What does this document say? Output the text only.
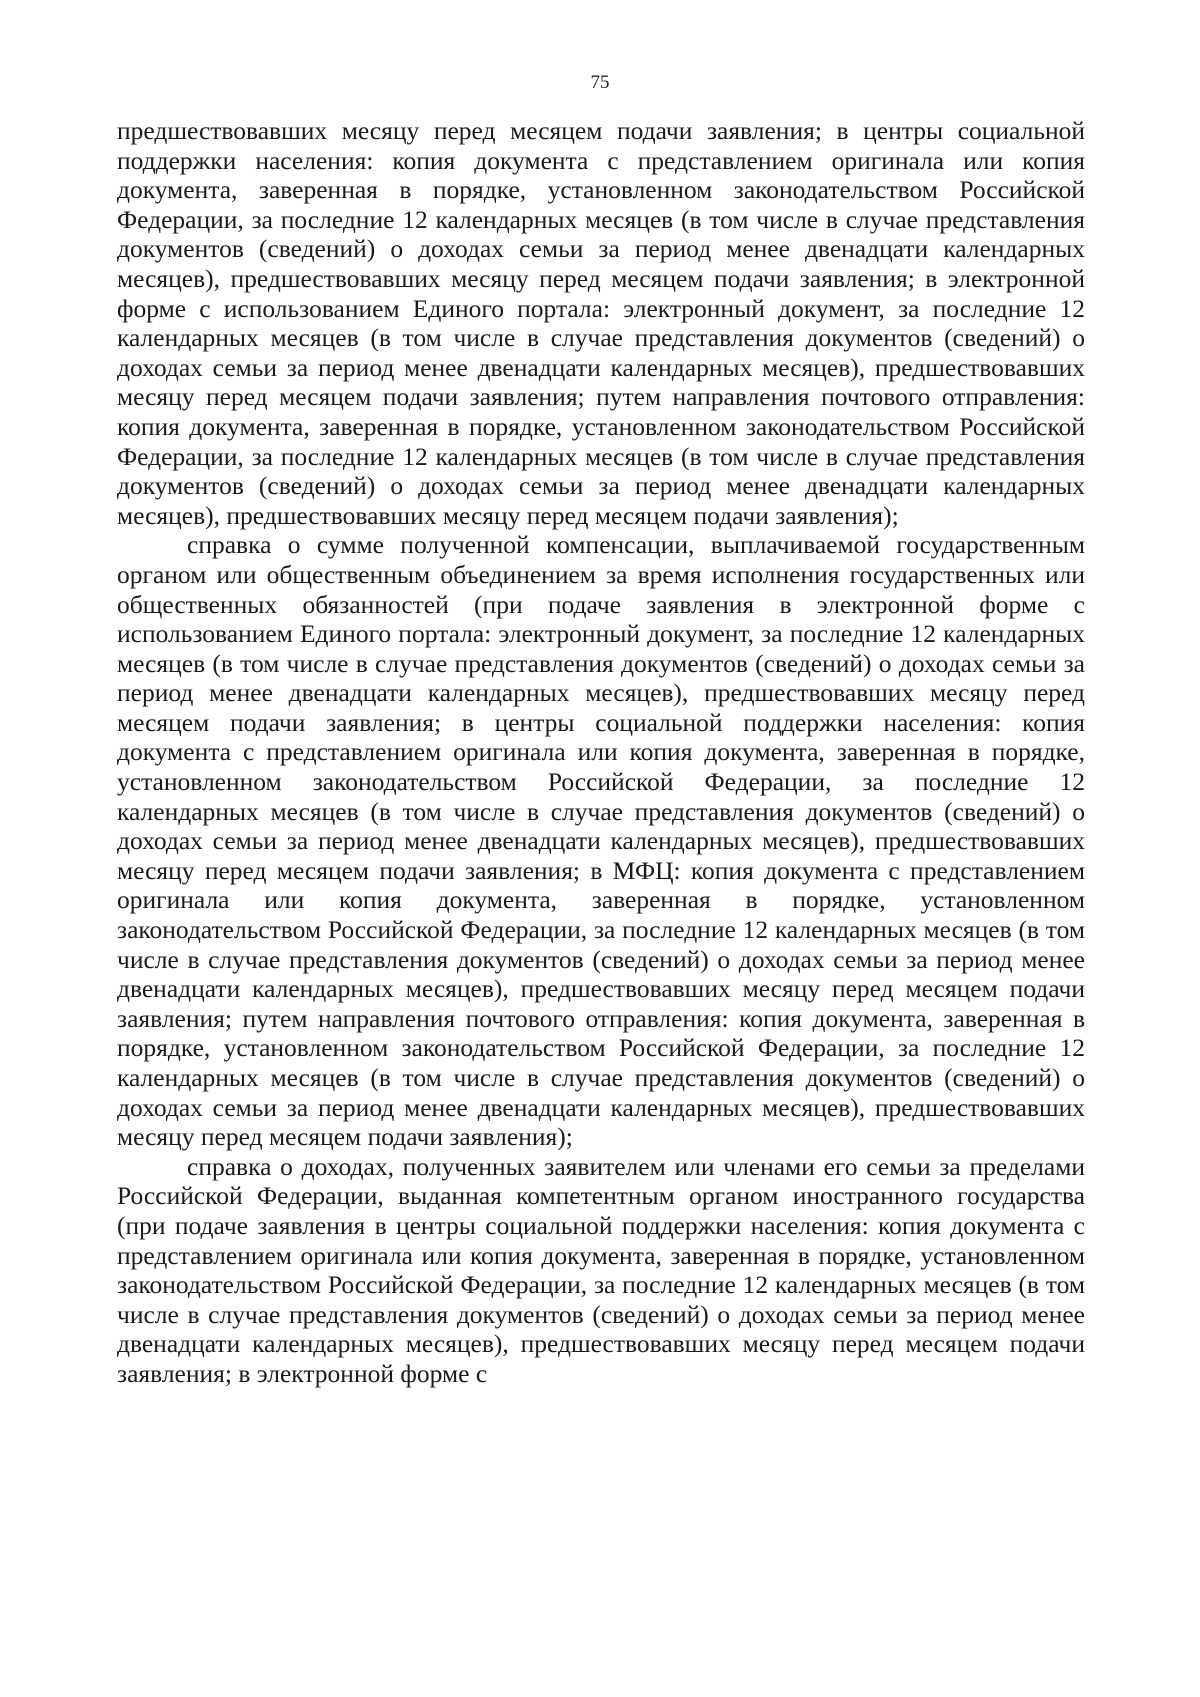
75

предшествовавших месяцу перед месяцем подачи заявления; в центры социальной поддержки населения: копия документа с представлением оригинала или копия документа, заверенная в порядке, установленном законодательством Российской Федерации, за последние 12 календарных месяцев (в том числе в случае представления документов (сведений) о доходах семьи за период менее двенадцати календарных месяцев), предшествовавших месяцу перед месяцем подачи заявления; в электронной форме с использованием Единого портала: электронный документ, за последние 12 календарных месяцев (в том числе в случае представления документов (сведений) о доходах семьи за период менее двенадцати календарных месяцев), предшествовавших месяцу перед месяцем подачи заявления; путем направления почтового отправления: копия документа, заверенная в порядке, установленном законодательством Российской Федерации, за последние 12 календарных месяцев (в том числе в случае представления документов (сведений) о доходах семьи за период менее двенадцати календарных месяцев), предшествовавших месяцу перед месяцем подачи заявления);

справка о сумме полученной компенсации, выплачиваемой государственным органом или общественным объединением за время исполнения государственных или общественных обязанностей (при подаче заявления в электронной форме с использованием Единого портала: электронный документ, за последние 12 календарных месяцев (в том числе в случае представления документов (сведений) о доходах семьи за период менее двенадцати календарных месяцев), предшествовавших месяцу перед месяцем подачи заявления; в центры социальной поддержки населения: копия документа с представлением оригинала или копия документа, заверенная в порядке, установленном законодательством Российской Федерации, за последние 12 календарных месяцев (в том числе в случае представления документов (сведений) о доходах семьи за период менее двенадцати календарных месяцев), предшествовавших месяцу перед месяцем подачи заявления; в МФЦ: копия документа с представлением оригинала или копия документа, заверенная в порядке, установленном законодательством Российской Федерации, за последние 12 календарных месяцев (в том числе в случае представления документов (сведений) о доходах семьи за период менее двенадцати календарных месяцев), предшествовавших месяцу перед месяцем подачи заявления; путем направления почтового отправления: копия документа, заверенная в порядке, установленном законодательством Российской Федерации, за последние 12 календарных месяцев (в том числе в случае представления документов (сведений) о доходах семьи за период менее двенадцати календарных месяцев), предшествовавших месяцу перед месяцем подачи заявления);

справка о доходах, полученных заявителем или членами его семьи за пределами Российской Федерации, выданная компетентным органом иностранного государства (при подаче заявления в центры социальной поддержки населения: копия документа с представлением оригинала или копия документа, заверенная в порядке, установленном законодательством Российской Федерации, за последние 12 календарных месяцев (в том числе в случае представления документов (сведений) о доходах семьи за период менее двенадцати календарных месяцев), предшествовавших месяцу перед месяцем подачи заявления; в электронной форме с
